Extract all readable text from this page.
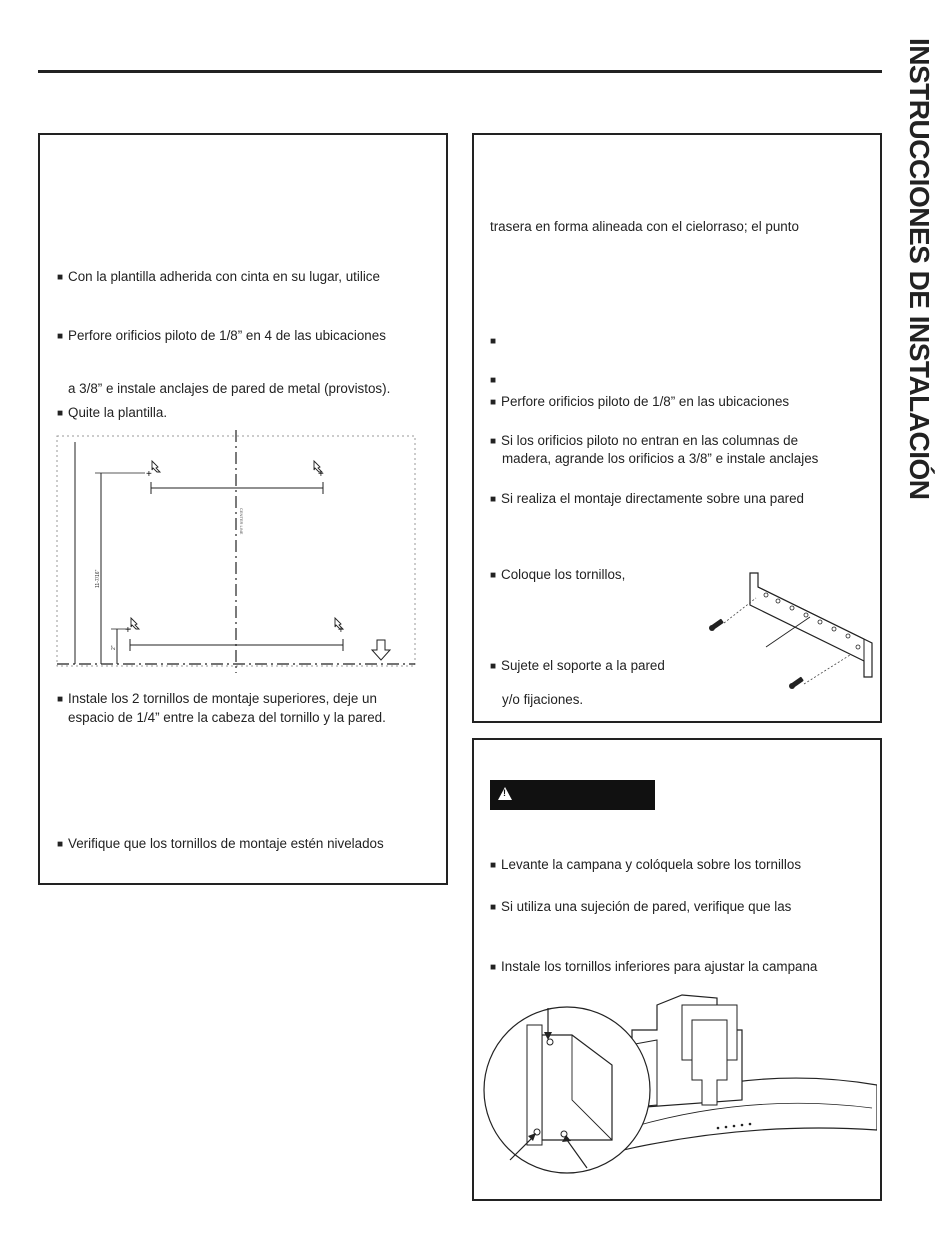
INSTRUCCIONES DE INSTALACIÓN
■ Con la plantilla adherida con cinta en su lugar, utilice
■ Perfore orificios piloto de 1/8” en 4 de las ubicaciones
a 3/8” e instale anclajes de pared de metal (provistos).
■ Quite la plantilla.
+	+
+	+
11-7/16"
2"
CENTER LINE
■ Instale los 2 tornillos de montaje superiores, deje un
espacio de 1/4” entre la cabeza del tornillo y la pared.
■ Verifique que los tornillos de montaje estén nivelados
trasera en forma alineada con el cielorraso; el punto
■
■
■ Perfore orificios piloto de 1/8” en las ubicaciones
■ Si los orificios piloto no entran en las columnas de
madera, agrande los orificios a 3/8” e instale anclajes
■ Si realiza el montaje directamente sobre una pared
■ Coloque los tornillos,
■ Sujete el soporte a la pared
y/o fijaciones.
!
■ Levante la campana y colóquela sobre los tornillos
■ Si utiliza una sujeción de pared, verifique que las
■ Instale los tornillos inferiores para ajustar la campana
